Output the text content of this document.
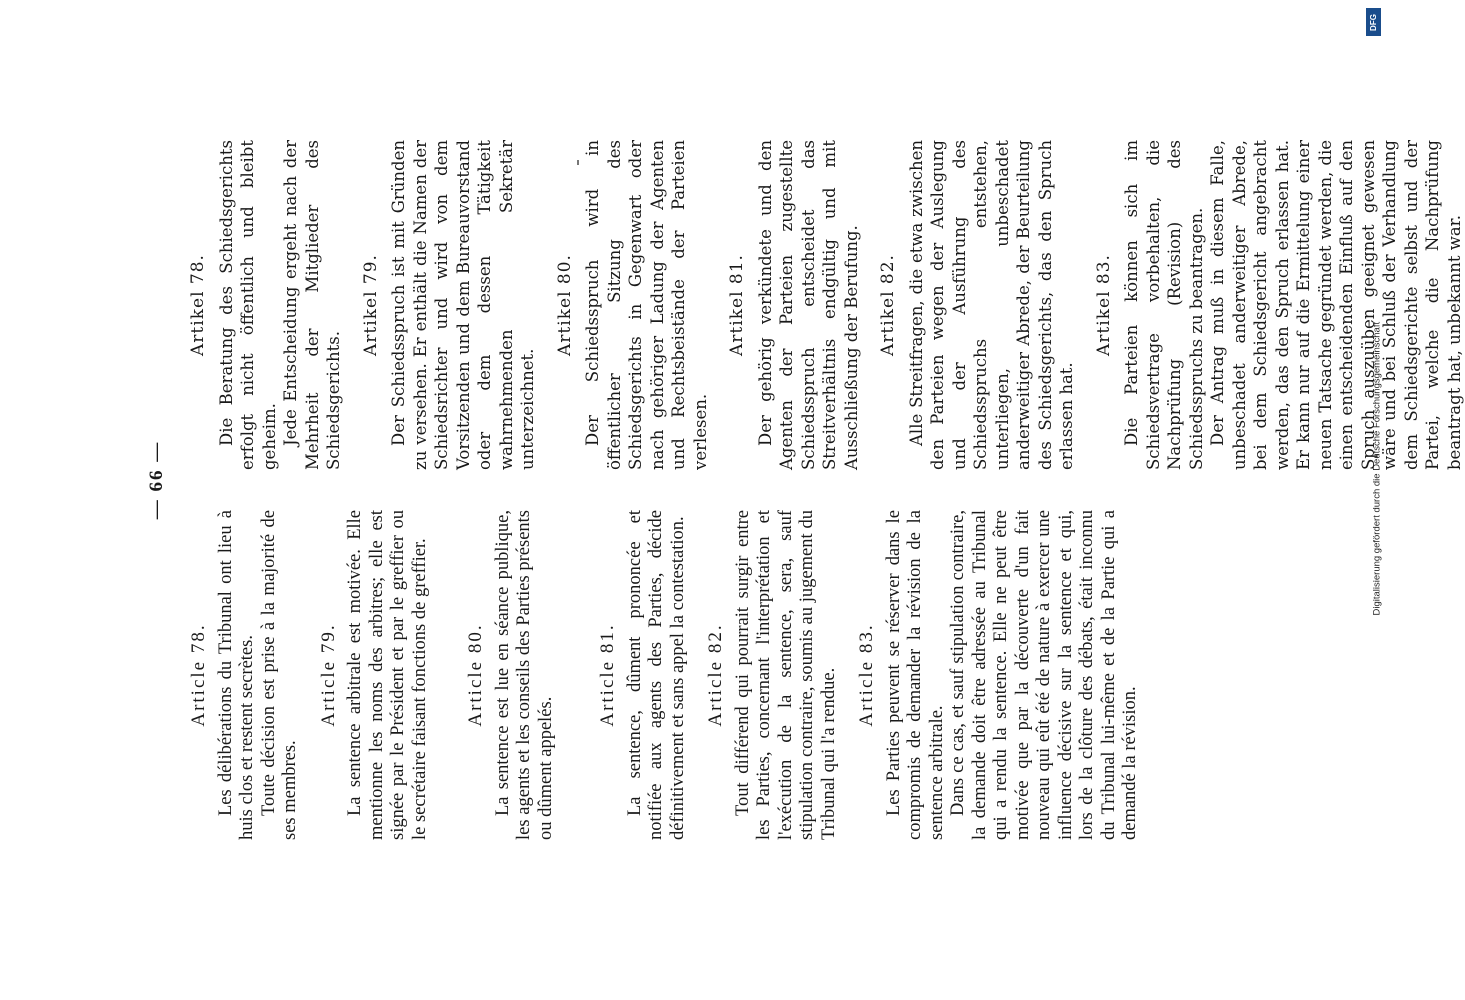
— 66 —
Article 78. Les délibérations du Tribunal ont lieu à huis clos et restent secrètes. Toute décision est prise à la majorité de ses membres.

Article 79. La sentence arbitrale est motivée. Elle mentionne les noms des arbitres; elle est signée par le Président et par le greffier ou le secrétaire faisant fonctions de greffier. Article 80. La sentence est lue en séance publique, les agents et les conseils des Parties présents ou dûment appelés.

Article 81. La sentence, dûment prononcée et notifiée aux agents des Parties, décide définitivement et sans appel la contestation. Article 82. Tout différend qui pourrait surgir entre les Parties, concernant l'interprétation et l'exécution de la sentence, sera, sauf stipulation contraire, soumis au jugement du Tribunal qui l'a rendue. Article 83. Les Parties peuvent se réserver dans le compromis de demander la révision de la sentence arbitrale. Dans ce cas, et sauf stipulation contraire, la demande doit être adressée au Tribunal qui a rendu la sentence. Elle ne peut être motivée que par la découverte d'un fait nouveau qui eût été de nature à exercer une influence décisive sur la sentence et qui, lors de la clôture des débats, était inconnu du Tribunal lui-même et de la Partie qui a demandé la révision.

Artikel 78. Die Beratung des Schiedsgerichts erfolgt nicht öffentlich und bleibt geheim. Jede Entscheidung ergeht nach der Mehrheit der Mitglieder des Schiedsgerichts.

Artikel 79. Der Schiedsspruch ist mit Gründen zu versehen. Er enthält die Namen der Schiedsrichter und wird von dem Vorsitzenden und dem Bureauvorstand oder dem dessen Tätigkeit wahrnehmenden Sekretär unterzeichnet.

Artikel 80. Der Schiedsspruch wird in öffentlicher Sitzung des Schiedsgerichts in Gegenwart oder nach gehöriger Ladung der Agenten und Rechtsbeistände der Parteien verlesen.

Artikel 81. Der gehörig verkündete und den Agenten der Parteien zugestellte Schiedsspruch entscheidet das Streitverhältnis endgültig und mit Ausschließung der Berufung. Artikel 82. Alle Streitfragen, die etwa zwischen den Parteien wegen der Auslegung und der Ausführung des Schiedsspruchs entstehen, unterliegen, unbeschadet anderweitiger Abrede, der Beurteilung des Schiedsgerichts, das den Spruch erlassen hat.

Artikel 83. Die Parteien können sich im Schiedsvertrage vorbehalten, die Nachprüfung (Revision) des Schiedsspruchs zu beantragen. Der Antrag muß in diesem Falle, unbeschadet anderweitiger Abrede, bei dem Schiedsgericht angebracht werden, das den Spruch erlassen hat. Er kann nur auf die Ermittelung einer neuen Tatsache gegründet werden, die einen entscheidenden Einfluß auf den Spruch auszuüben geeignet gewesen wäre und bei Schluß der Verhandlung dem Schiedsgerichte selbst und der Partei, welche die Nachprüfung beantragt hat, unbekannt war.

Digitalisierung gefördert durch die Deutsche Forschungsgemeinschaft
DFG
